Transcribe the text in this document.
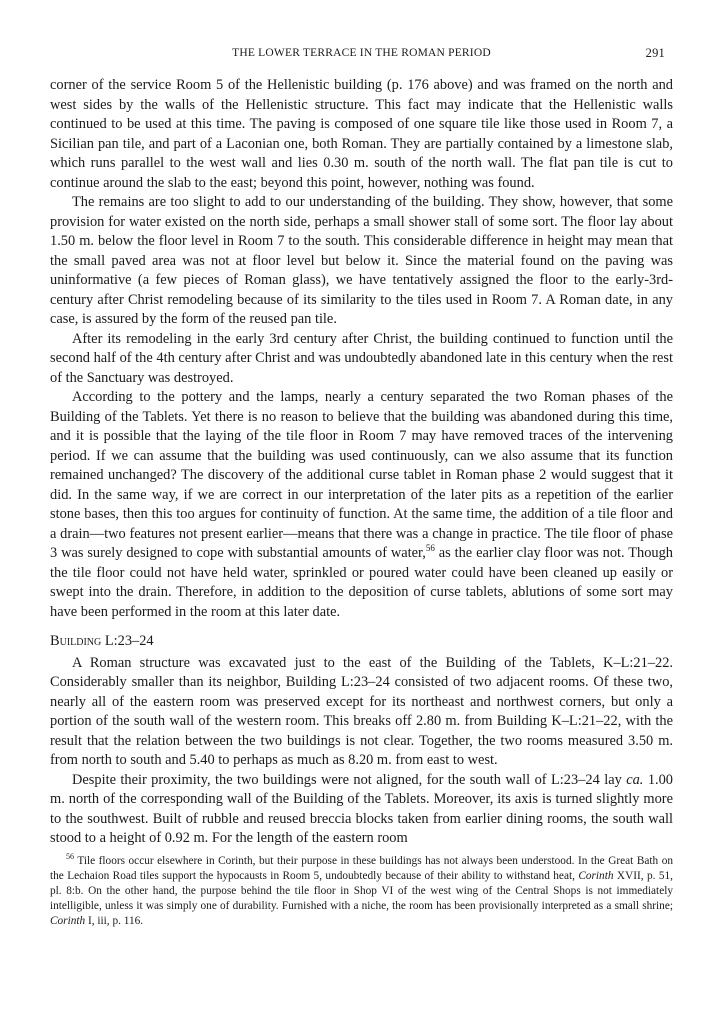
THE LOWER TERRACE IN THE ROMAN PERIOD	291

corner of the service Room 5 of the Hellenistic building (p. 176 above) and was framed on the north and west sides by the walls of the Hellenistic structure. This fact may indicate that the Hellenistic walls continued to be used at this time. The paving is composed of one square tile like those used in Room 7, a Sicilian pan tile, and part of a Laconian one, both Roman. They are partially contained by a limestone slab, which runs parallel to the west wall and lies 0.30 m. south of the north wall. The flat pan tile is cut to continue around the slab to the east; beyond this point, however, nothing was found.

The remains are too slight to add to our understanding of the building. They show, however, that some provision for water existed on the north side, perhaps a small shower stall of some sort. The floor lay about 1.50 m. below the floor level in Room 7 to the south. This considerable difference in height may mean that the small paved area was not at floor level but below it. Since the material found on the paving was uninformative (a few pieces of Roman glass), we have tentatively assigned the floor to the early-3rd-century after Christ remodeling because of its similarity to the tiles used in Room 7. A Roman date, in any case, is assured by the form of the reused pan tile.

After its remodeling in the early 3rd century after Christ, the building continued to function until the second half of the 4th century after Christ and was undoubtedly abandoned late in this century when the rest of the Sanctuary was destroyed.

According to the pottery and the lamps, nearly a century separated the two Roman phases of the Building of the Tablets. Yet there is no reason to believe that the building was abandoned during this time, and it is possible that the laying of the tile floor in Room 7 may have removed traces of the intervening period. If we can assume that the building was used continuously, can we also assume that its function remained unchanged? The discovery of the additional curse tablet in Roman phase 2 would suggest that it did. In the same way, if we are correct in our interpretation of the later pits as a repetition of the earlier stone bases, then this too argues for continuity of function. At the same time, the addition of a tile floor and a drain—two features not present earlier—means that there was a change in practice. The tile floor of phase 3 was surely designed to cope with substantial amounts of water,$^{56}$ as the earlier clay floor was not. Though the tile floor could not have held water, sprinkled or poured water could have been cleaned up easily or swept into the drain. Therefore, in addition to the deposition of curse tablets, ablutions of some sort may have been performed in the room at this later date.

Building L:23–24

A Roman structure was excavated just to the east of the Building of the Tablets, K–L:21–22. Considerably smaller than its neighbor, Building L:23–24 consisted of two adjacent rooms. Of these two, nearly all of the eastern room was preserved except for its northeast and northwest corners, but only a portion of the south wall of the western room. This breaks off 2.80 m. from Building K–L:21–22, with the result that the relation between the two buildings is not clear. Together, the two rooms measured 3.50 m. from north to south and 5.40 to perhaps as much as 8.20 m. from east to west.

Despite their proximity, the two buildings were not aligned, for the south wall of L:23–24 lay ca. 1.00 m. north of the corresponding wall of the Building of the Tablets. Moreover, its axis is turned slightly more to the southwest. Built of rubble and reused breccia blocks taken from earlier dining rooms, the south wall stood to a height of 0.92 m. For the length of the eastern room

$^{56}$ Tile floors occur elsewhere in Corinth, but their purpose in these buildings has not always been understood. In the Great Bath on the Lechaion Road tiles support the hypocausts in Room 5, undoubtedly because of their ability to withstand heat, Corinth XVII, p. 51, pl. 8:b. On the other hand, the purpose behind the tile floor in Shop VI of the west wing of the Central Shops is not immediately intelligible, unless it was simply one of durability. Furnished with a niche, the room has been provisionally interpreted as a small shrine; Corinth I, iii, p. 116.
